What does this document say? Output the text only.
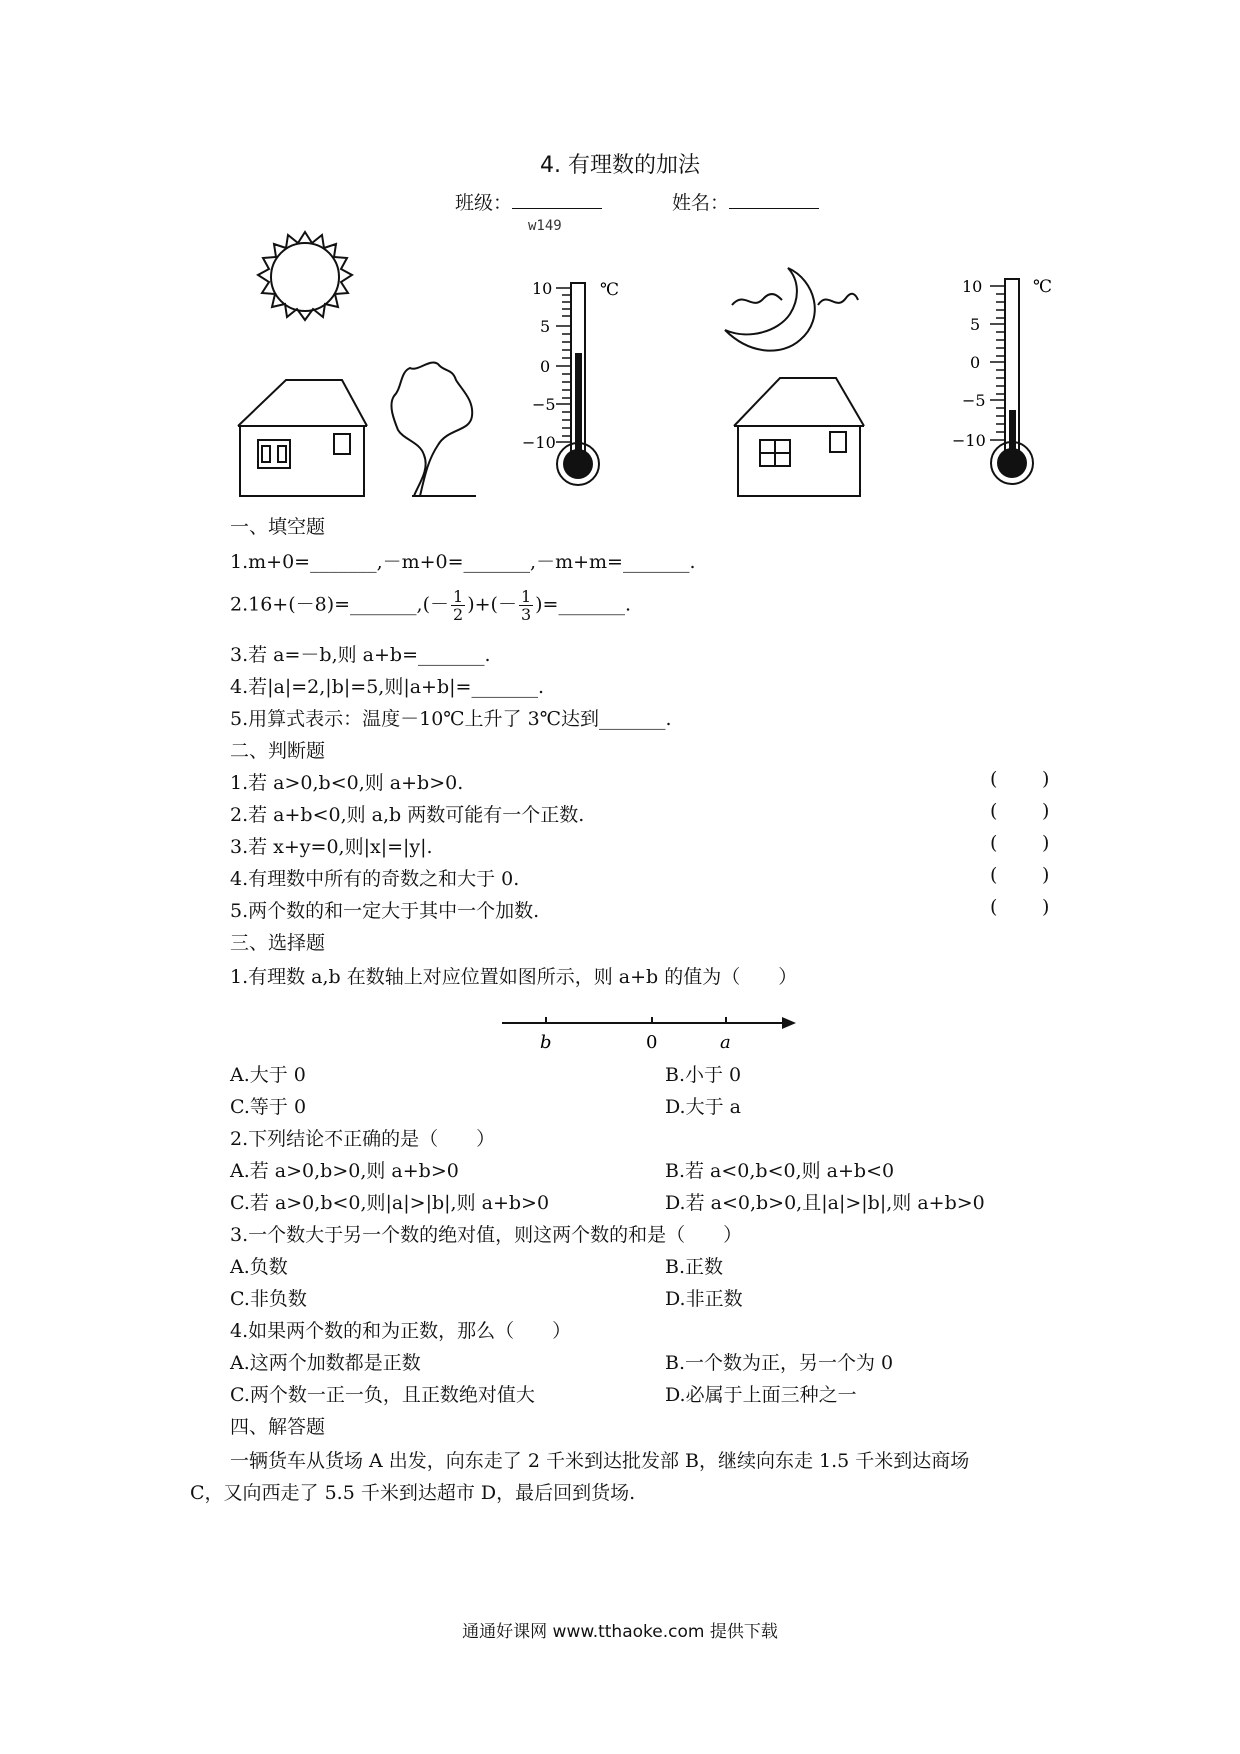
4. 有理数的加法
班级：	姓名：
w149
10
5
0
−5
−10
℃	10
5
0
−5
−10
℃
一、填空题
1.m+0=_______,－m+0=_______,－m+m=_______.
2.16+(－8)=_______,(－ $\frac{1}{2}$ )+(－ $\frac{1}{3}$ )=_______.
3.若 a=－b,则 a+b=_______.
4.若|a|=2,|b|=5,则|a+b|=_______.
5.用算式表示：温度－10℃上升了 3℃达到_______.
二、判断题
1.若 a>0,b<0,则 a+b>0.	( )
2.若 a+b<0,则 a,b 两数可能有一个正数.	( )
3.若 x+y=0,则|x|=|y|.	( )
4.有理数中所有的奇数之和大于 0.	( )
5.两个数的和一定大于其中一个加数.	( )
三、选择题
1.有理数 a,b 在数轴上对应位置如图所示，则 a+b 的值为（　　）
b	0	a
A.大于 0	B.小于 0
C.等于 0	D.大于 a
2.下列结论不正确的是（　　）
A.若 a>0,b>0,则 a+b>0	B.若 a<0,b<0,则 a+b<0
C.若 a>0,b<0,则|a|>|b|,则 a+b>0	D.若 a<0,b>0,且|a|>|b|,则 a+b>0
3.一个数大于另一个数的绝对值，则这两个数的和是（　　）
A.负数	B.正数
C.非负数	D.非正数
4.如果两个数的和为正数，那么（　　）
A.这两个加数都是正数	B.一个数为正，另一个为 0
C.两个数一正一负，且正数绝对值大	D.必属于上面三种之一
四、解答题
一辆货车从货场 A 出发，向东走了 2 千米到达批发部 B，继续向东走 1.5 千米到达商场
C，又向西走了 5.5 千米到达超市 D，最后回到货场.
通通好课网 www.tthaoke.com 提供下载
